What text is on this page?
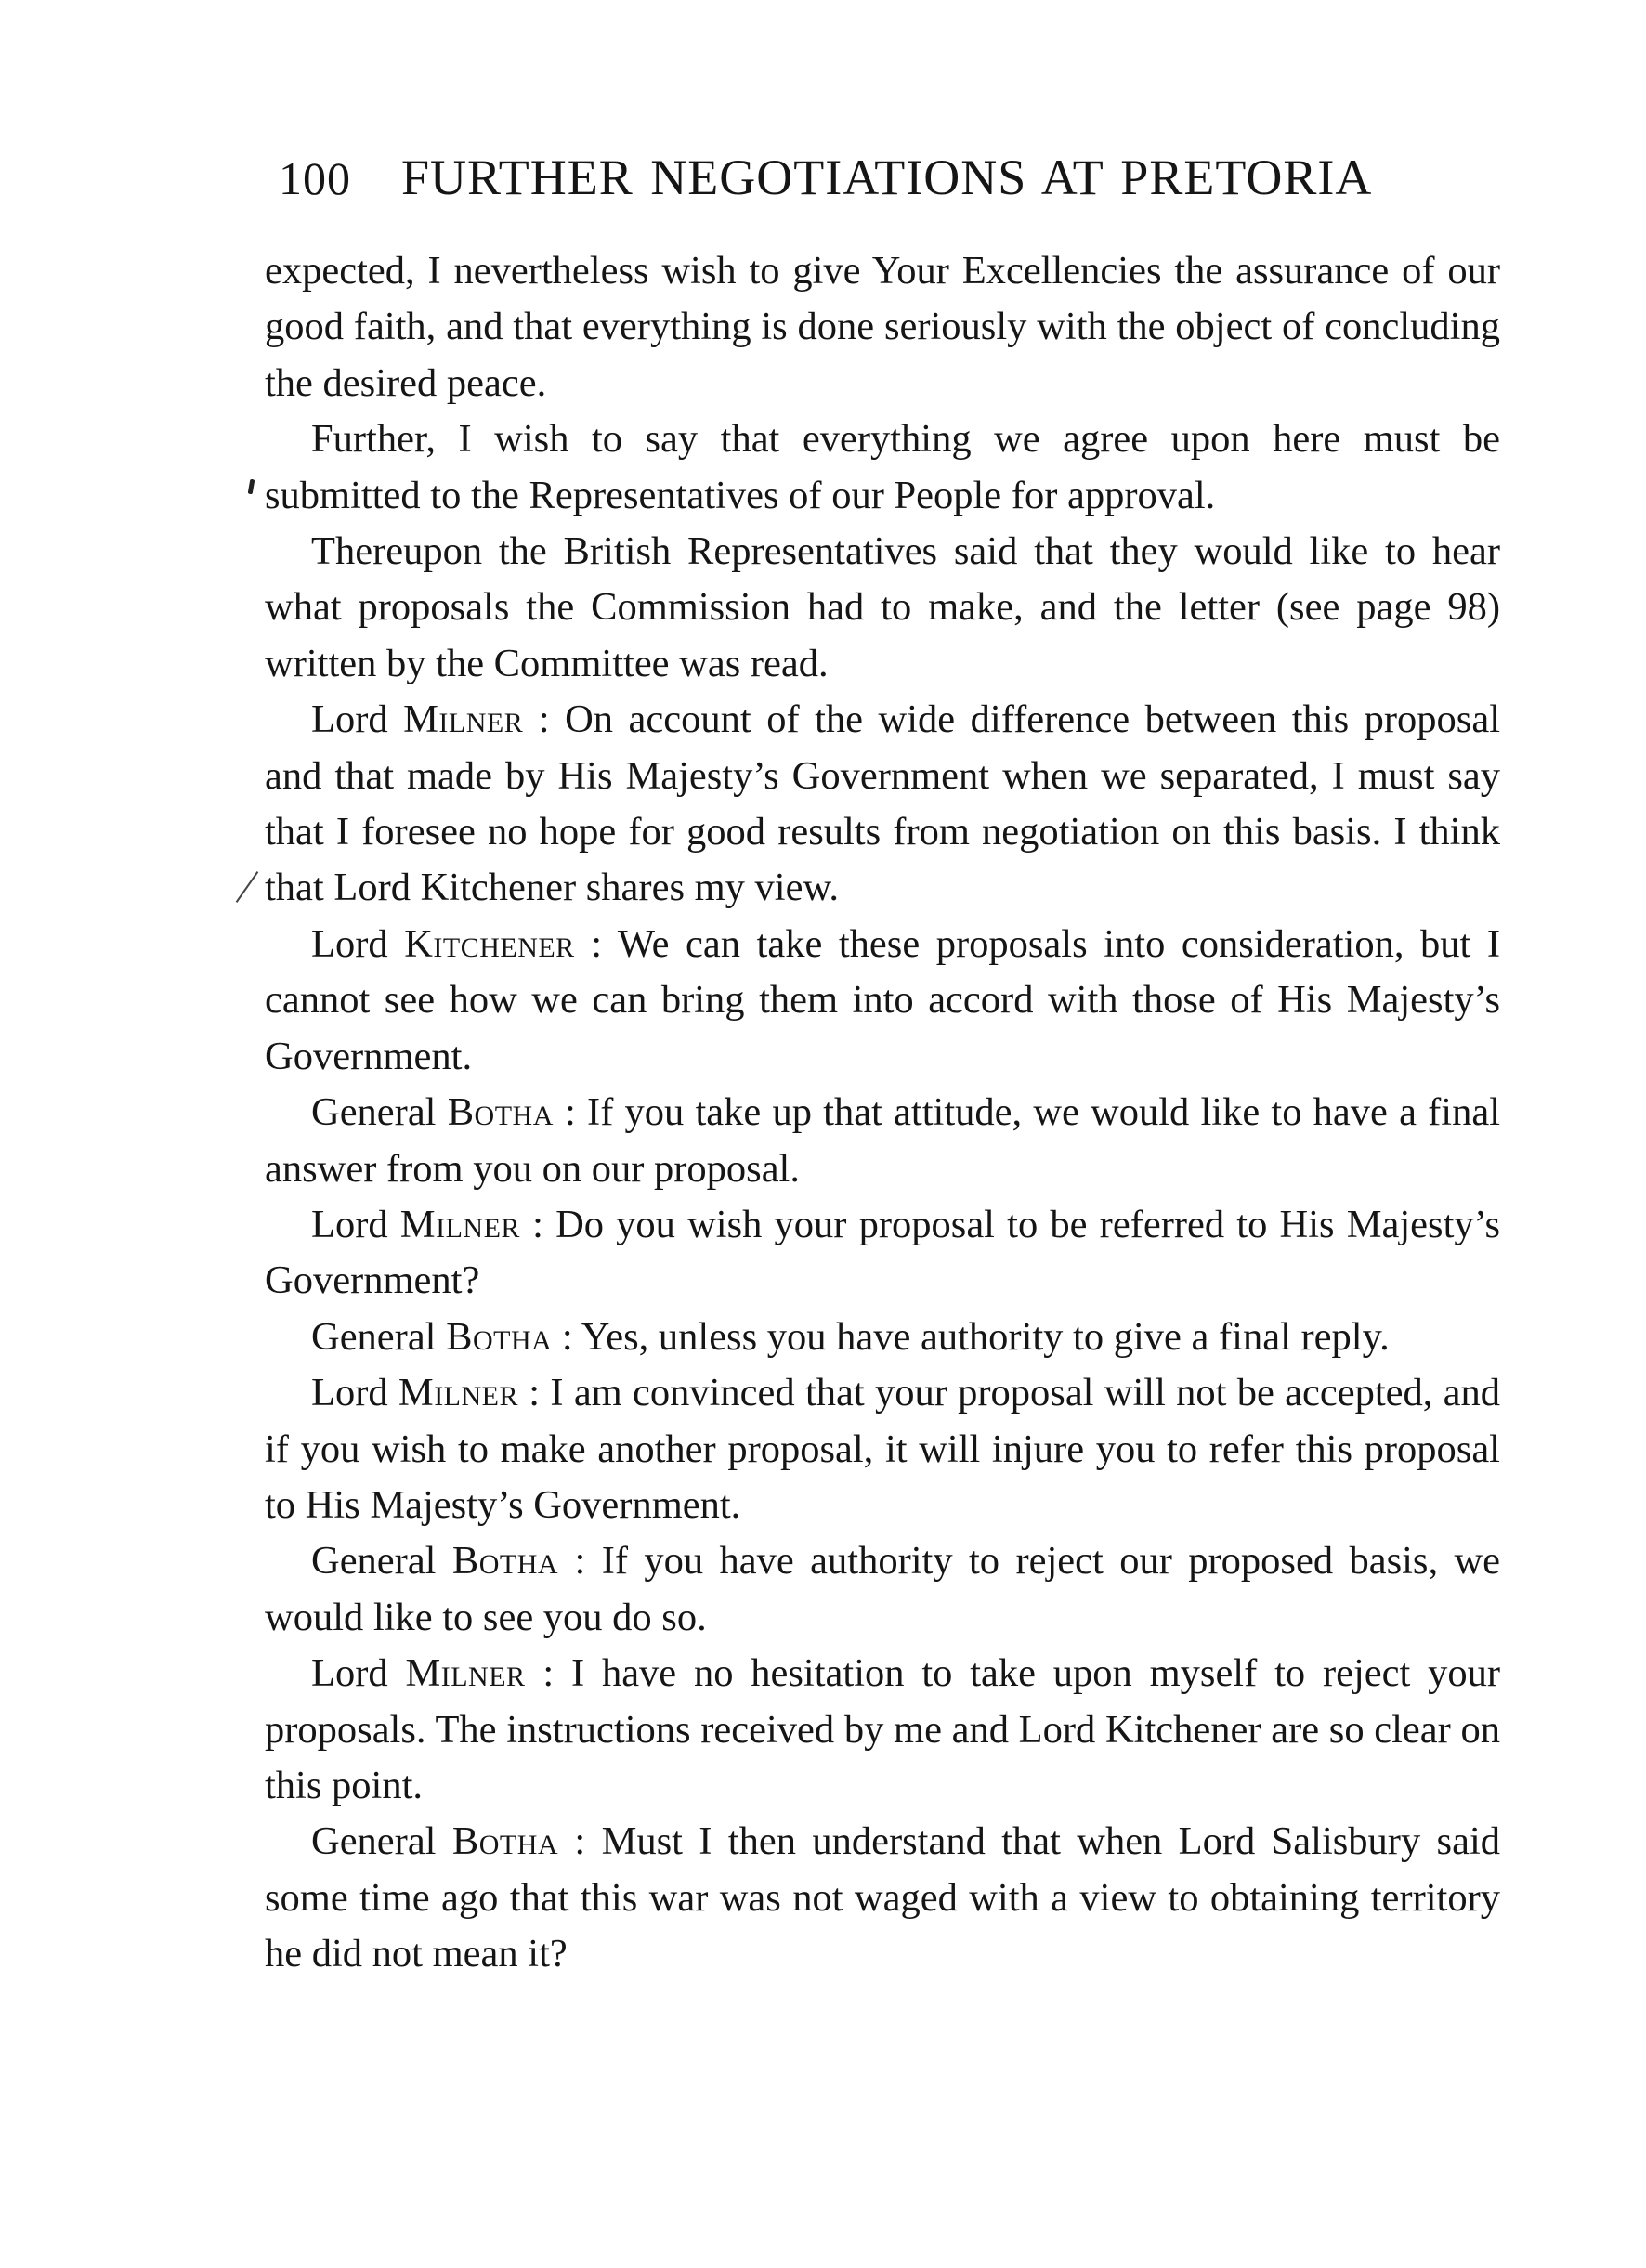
100 FURTHER NEGOTIATIONS AT PRETORIA

expected, I nevertheless wish to give Your Excellencies the assurance of our good faith, and that everything is done seriously with the object of concluding the desired peace.

Further, I wish to say that everything we agree upon here must be submitted to the Representatives of our People for approval.

Thereupon the British Representatives said that they would like to hear what proposals the Commission had to make, and the letter (see page 98) written by the Committee was read.

Lord Milner : On account of the wide difference between this proposal and that made by His Majesty’s Government when we separated, I must say that I foresee no hope for good results from negotiation on this basis. I think that Lord Kitchener shares my view.

Lord Kitchener : We can take these proposals into consideration, but I cannot see how we can bring them into accord with those of His Majesty’s Government.

General Botha : If you take up that attitude, we would like to have a final answer from you on our proposal.

Lord Milner : Do you wish your proposal to be referred to His Majesty’s Government?

General Botha : Yes, unless you have authority to give a final reply.

Lord Milner : I am convinced that your proposal will not be accepted, and if you wish to make another proposal, it will injure you to refer this proposal to His Majesty’s Government.

General Botha : If you have authority to reject our proposed basis, we would like to see you do so.

Lord Milner : I have no hesitation to take upon myself to reject your proposals. The instructions received by me and Lord Kitchener are so clear on this point.

General Botha : Must I then understand that when Lord Salisbury said some time ago that this war was not waged with a view to obtaining territory he did not mean it?
